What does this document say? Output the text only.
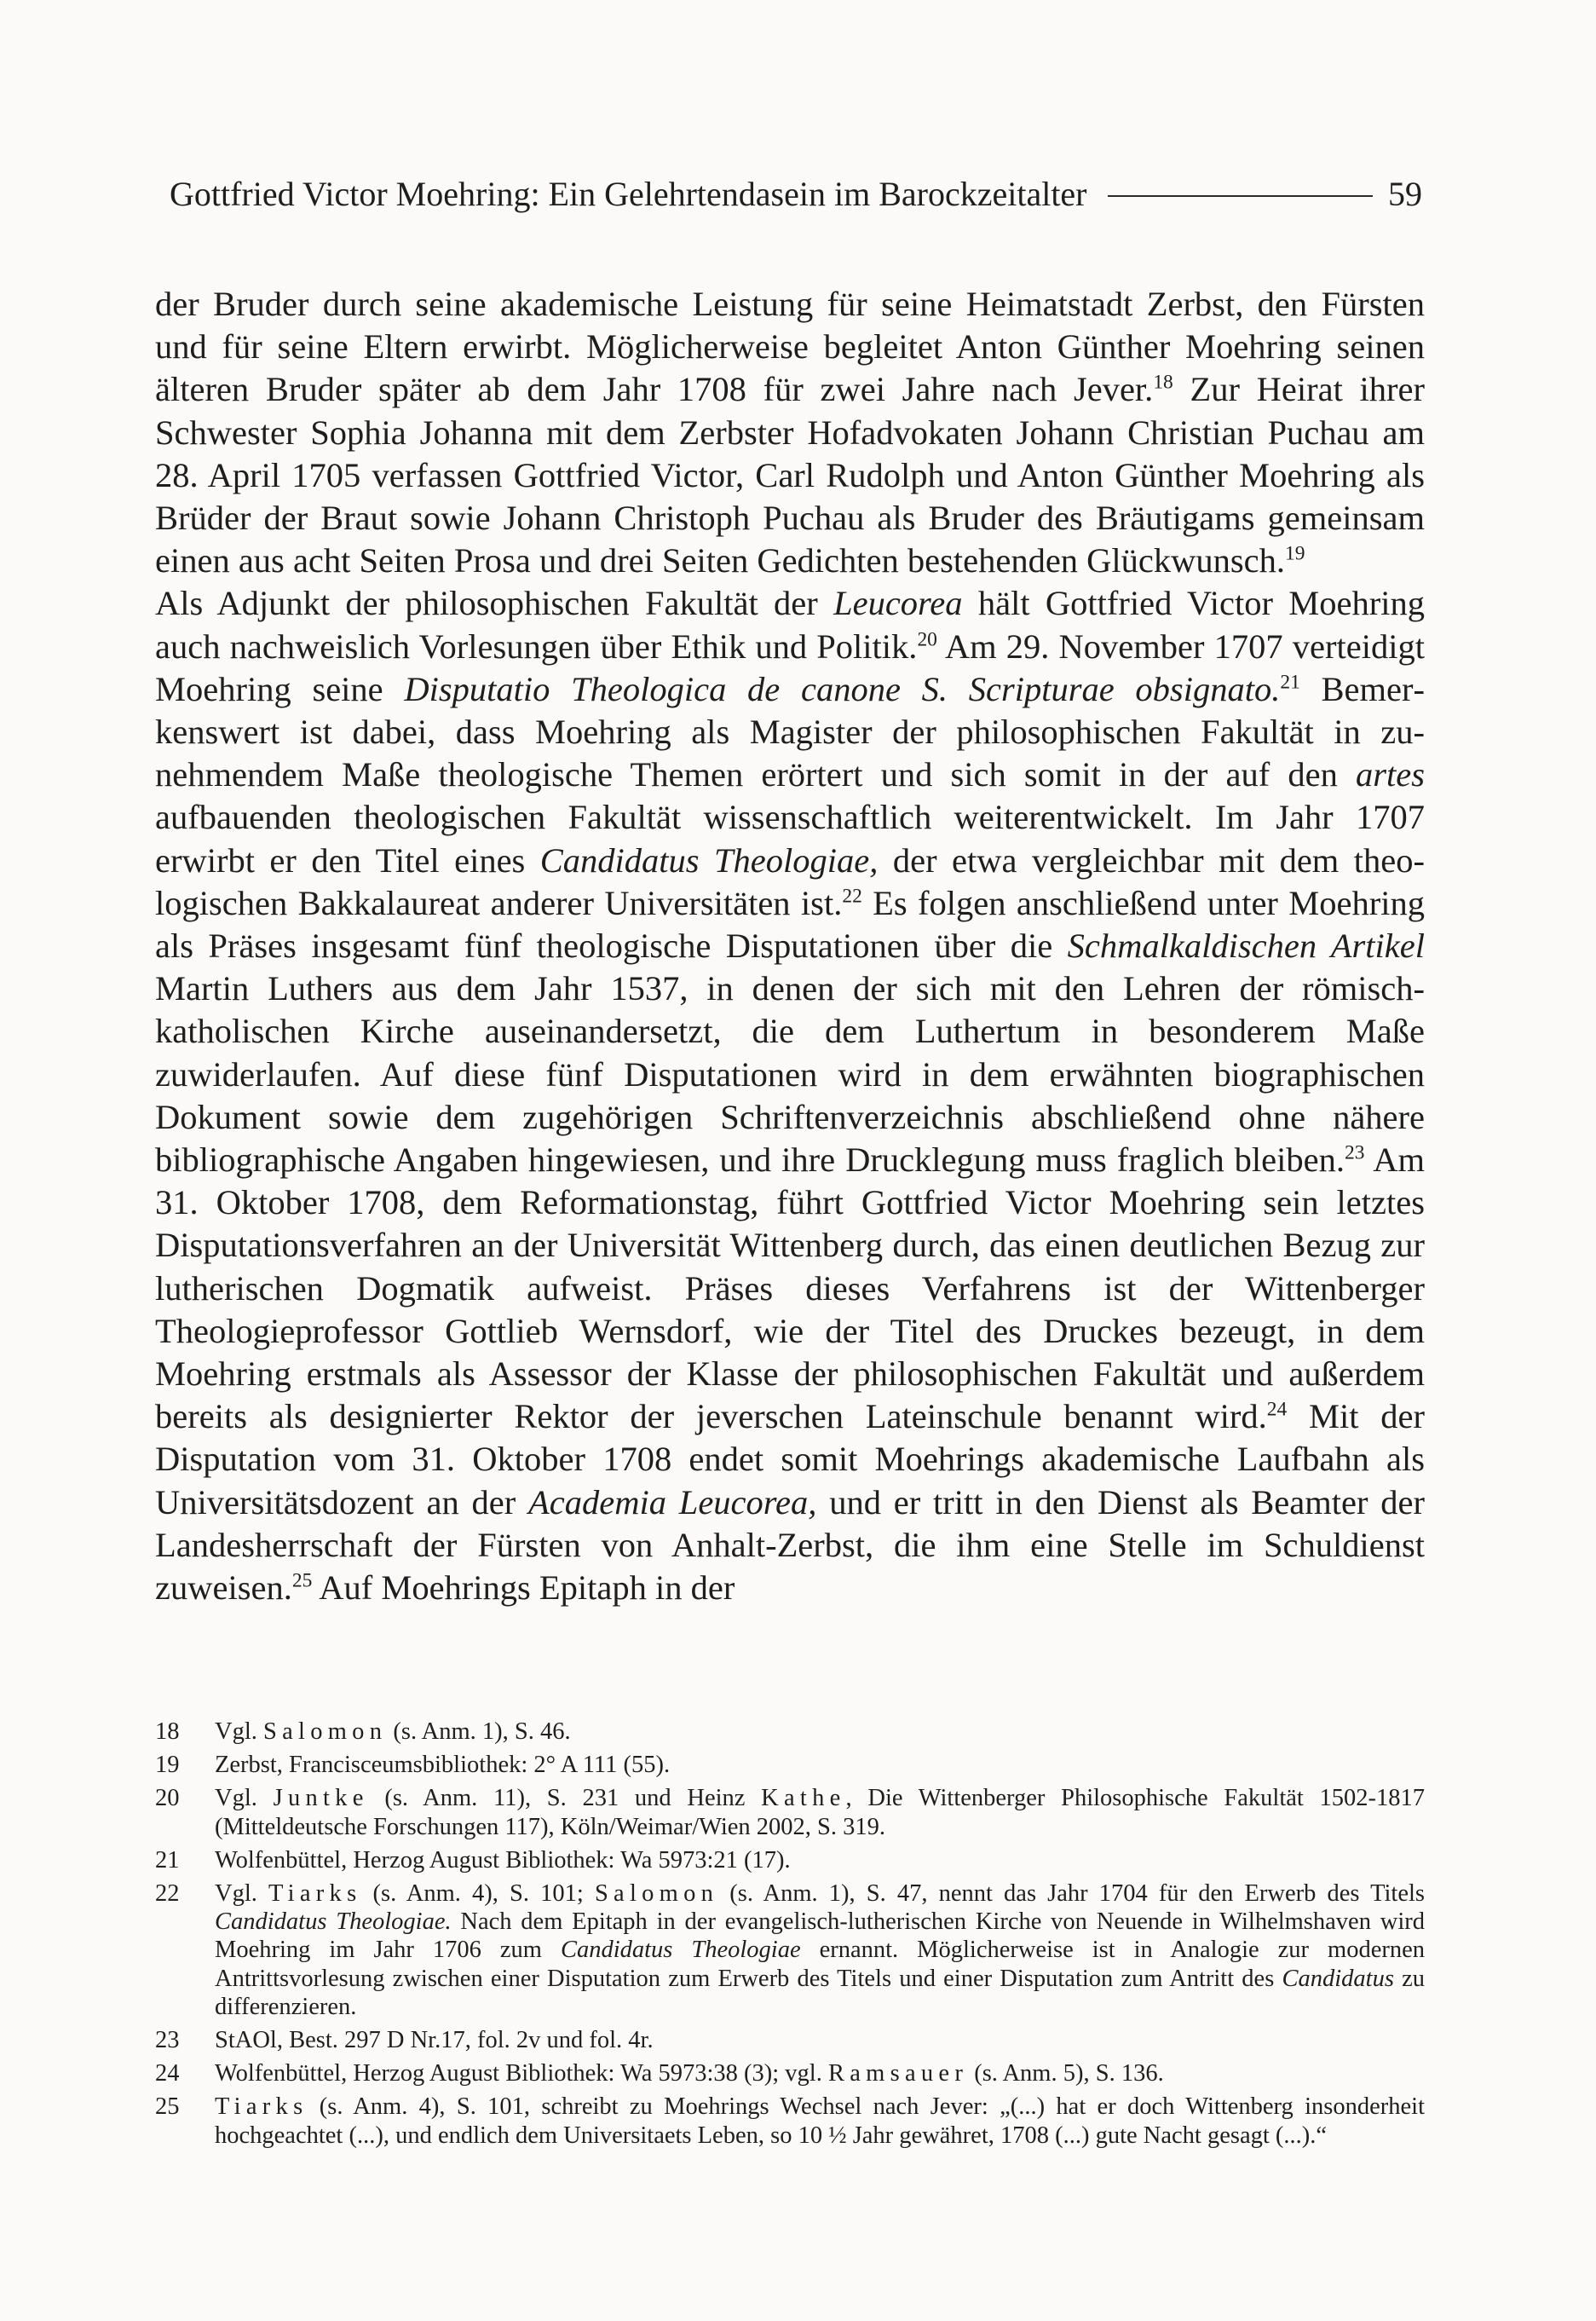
Gottfried Victor Moehring: Ein Gelehrtendasein im Barockzeitalter	59

der Bruder durch seine akademische Leistung für seine Heimatstadt Zerbst, den Fürsten und für seine Eltern erwirbt. Möglicherweise begleitet Anton Günther Moehring seinen älteren Bruder später ab dem Jahr 1708 für zwei Jahre nach Jever.$^{18}$ Zur Heirat ihrer Schwester Sophia Johanna mit dem Zerbster Hofadvokaten Johann Christian Puchau am 28. April 1705 verfassen Gottfried Victor, Carl Rudolph und Anton Günther Moehring als Brüder der Braut sowie Johann Christoph Puchau als Bruder des Bräutigams gemeinsam einen aus acht Seiten Prosa und drei Seiten Gedichten bestehenden Glückwunsch.$^{19}$

Als Adjunkt der philosophischen Fakultät der Leucorea hält Gottfried Victor Moehring auch nachweislich Vorlesungen über Ethik und Politik.$^{20}$ Am 29. November 1707 verteidigt Moehring seine Disputatio Theologica de canone S. Scripturae obsignato.$^{21}$ Bemerkenswert ist dabei, dass Moehring als Magister der philosophischen Fakultät in zunehmendem Maße theologische Themen erörtert und sich somit in der auf den artes aufbauenden theologischen Fakultät wissenschaftlich weiterentwickelt. Im Jahr 1707 erwirbt er den Titel eines Candidatus Theologiae, der etwa vergleichbar mit dem theologischen Bakkalaureat anderer Universitäten ist.$^{22}$ Es folgen anschließend unter Moehring als Präses insgesamt fünf theologische Disputationen über die Schmalkaldischen Artikel Martin Luthers aus dem Jahr 1537, in denen der sich mit den Lehren der römisch-katholischen Kirche auseinandersetzt, die dem Luthertum in besonderem Maße zuwiderlaufen. Auf diese fünf Disputationen wird in dem erwähnten biographischen Dokument sowie dem zugehörigen Schriftenverzeichnis abschließend ohne nähere bibliographische Angaben hingewiesen, und ihre Drucklegung muss fraglich bleiben.$^{23}$ Am 31. Oktober 1708, dem Reformationstag, führt Gottfried Victor Moehring sein letztes Disputationsverfahren an der Universität Wittenberg durch, das einen deutlichen Bezug zur lutherischen Dogmatik aufweist. Präses dieses Verfahrens ist der Wittenberger Theologieprofessor Gottlieb Wernsdorf, wie der Titel des Druckes bezeugt, in dem Moehring erstmals als Assessor der Klasse der philosophischen Fakultät und außerdem bereits als designierter Rektor der jeverschen Lateinschule benannt wird.$^{24}$ Mit der Disputation vom 31. Oktober 1708 endet somit Moehrings akademische Laufbahn als Universitätsdozent an der Academia Leucorea, und er tritt in den Dienst als Beamter der Landesherrschaft der Fürsten von Anhalt-Zerbst, die ihm eine Stelle im Schuldienst zuweisen.$^{25}$ Auf Moehrings Epitaph in der

18	Vgl. Salomon (s. Anm. 1), S. 46.
19	Zerbst, Francisceumsbibliothek: 2° A 111 (55).
20	Vgl. Juntke (s. Anm. 11), S. 231 und Heinz Kathe, Die Wittenberger Philosophische Fakultät 1502-1817 (Mitteldeutsche Forschungen 117), Köln/Weimar/Wien 2002, S. 319.
21	Wolfenbüttel, Herzog August Bibliothek: Wa 5973:21 (17).
22	Vgl. Tiarks (s. Anm. 4), S. 101; Salomon (s. Anm. 1), S. 47, nennt das Jahr 1704 für den Erwerb des Titels Candidatus Theologiae. Nach dem Epitaph in der evangelisch-lutherischen Kirche von Neuende in Wilhelmshaven wird Moehring im Jahr 1706 zum Candidatus Theologiae ernannt. Möglicherweise ist in Analogie zur modernen Antrittsvorlesung zwischen einer Disputation zum Erwerb des Titels und einer Disputation zum Antritt des Candidatus zu differenzieren.
23	StAOl, Best. 297 D Nr.17, fol. 2v und fol. 4r.
24	Wolfenbüttel, Herzog August Bibliothek: Wa 5973:38 (3); vgl. Ramsauer (s. Anm. 5), S. 136.
25	Tiarks (s. Anm. 4), S. 101, schreibt zu Moehrings Wechsel nach Jever: „(...) hat er doch Wittenberg insonderheit hochgeachtet (...), und endlich dem Universitaets Leben, so 10 ½ Jahr gewähret, 1708 (...) gute Nacht gesagt (...).“
